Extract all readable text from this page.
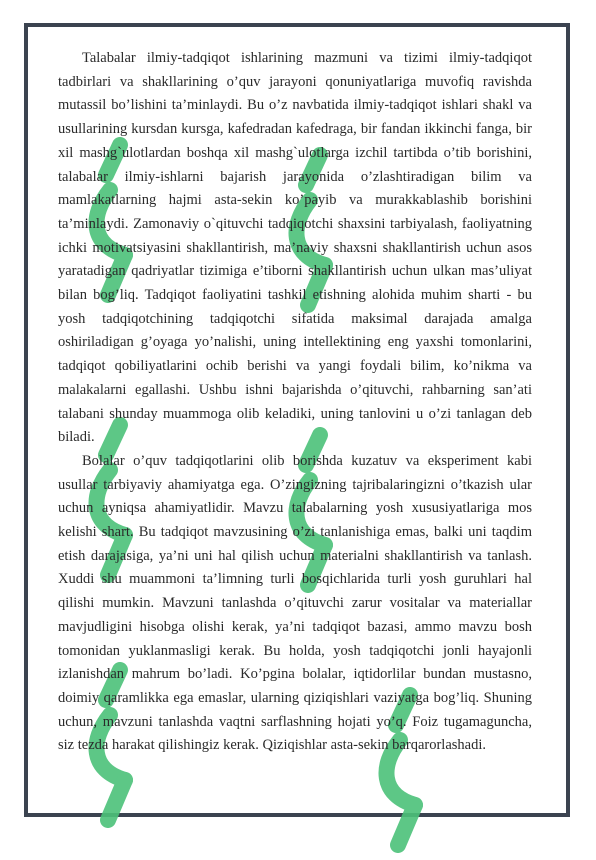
Talabalar ilmiy-tadqiqot ishlarining mazmuni va tizimi ilmiy-tadqiqot tadbirlari va shakllarining o’quv jarayoni qonuniyatlariga muvofiq ravishda mutassil bo’lishini ta’minlaydi. Bu o’z navbatida ilmiy-tadqiqot ishlari shakl va usullarining kursdan kursga, kafedradan kafedraga, bir fandan ikkinchi fanga, bir xil mashg`ulotlardan boshqa xil mashg`ulotlarga izchil tartibda o’tib borishini, talabalar ilmiy-ishlarni bajarish jarayonida o’zlashtiradigan bilim va mamlakatlarning hajmi asta-sekin ko’payib va murakkablashib borishini ta’minlaydi. Zamonaviy o`qituvchi tadqiqotchi shaxsini tarbiyalash, faoliyatning ichki motivatsiyasini shakllantirish, ma’naviy shaxsni shakllantirish uchun asos yaratadigan qadriyatlar tizimiga e’tiborni shakllantirish uchun ulkan mas’uliyat bilan bog’liq. Tadqiqot faoliyatini tashkil etishning alohida muhim sharti - bu yosh tadqiqotchining tadqiqotchi sifatida maksimal darajada amalga oshiriladigan g’oyaga yo’nalishi, uning intellektining eng yaxshi tomonlarini, tadqiqot qobiliyatlarini ochib berishi va yangi foydali bilim, ko’nikma va malakalarni egallashi. Ushbu ishni bajarishda o’qituvchi, rahbarning san’ati talabani shunday muammoga olib keladiki, uning tanlovini u o’zi tanlagan deb biladi.

Bolalar o’quv tadqiqotlarini olib borishda kuzatuv va eksperiment kabi usullar tarbiyaviy ahamiyatga ega. O’zingizning tajribalaringizni o’tkazish ular uchun ayniqsa ahamiyatlidir. Mavzu talabalarning yosh xususiyatlariga mos kelishi shart. Bu tadqiqot mavzusining o’zi tanlanishiga emas, balki uni taqdim etish darajasiga, ya’ni uni hal qilish uchun materialni shakllantirish va tanlash. Xuddi shu muammoni ta’limning turli bosqichlarida turli yosh guruhlari hal qilishi mumkin. Mavzuni tanlashda o’qituvchi zarur vositalar va materiallar mavjudligini hisobga olishi kerak, ya’ni tadqiqot bazasi, ammo mavzu bosh tomonidan yuklanmasligi kerak. Bu holda, yosh tadqiqotchi jonli hayajonli izlanishdan mahrum bo’ladi. Ko’pgina bolalar, iqtidorlilar bundan mustasno, doimiy qaramlikka ega emaslar, ularning qiziqishlari vaziyatga bog’liq. Shuning uchun, mavzuni tanlashda vaqtni sarflashning hojati yo’q. Foiz tugamaguncha, siz tezda harakat qilishingiz kerak. Qiziqishlar asta-sekin barqarorlashadi.
